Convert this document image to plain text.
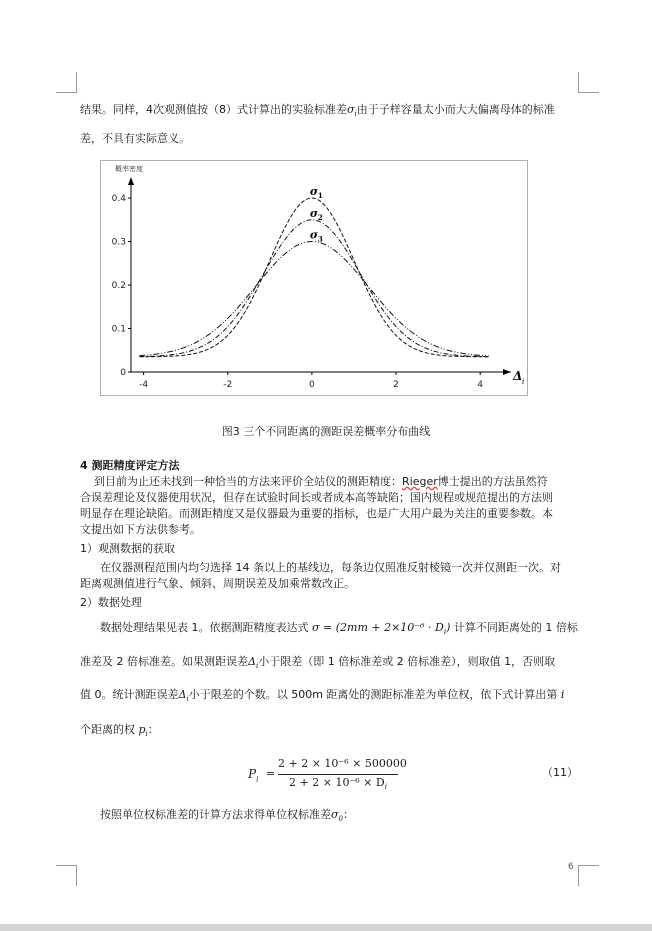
结果。同样，4次观测值按（8）式计算出的实验标准差$\sigma_i$由于子样容量太小而大大偏离母体的标准
差，不具有实际意义。
0
0.1
0.2
0.3
0.4
-4	-2	0	2	4
概率密度
Δ i
σ 1
σ 2
σ 3
图3 三个不同距离的测距误差概率分布曲线
4 测距精度评定方法
到目前为止还未找到一种恰当的方法来评价全站仪的测距精度：Rieger博士提出的方法虽然符
合误差理论及仪器使用状况，但存在试验时间长或者成本高等缺陷；国内规程或规范提出的方法则
明显存在理论缺陷。而测距精度又是仪器最为重要的指标，也是广大用户最为关注的重要参数。本
文提出如下方法供参考。
1）观测数据的获取
在仪器测程范围内均匀选择 14 条以上的基线边，每条边仅照准反射棱镜一次并仅测距一次。对
距离观测值进行气象、倾斜、周期误差及加乘常数改正。
2）数据处理
数据处理结果见表 1。依据测距精度表达式 $\sigma = (2mm + 2\times 10^{-6} \cdot D_i)$ 计算不同距离处的 1 倍标
准差及 2 倍标准差。如果测距误差$\Delta_i$小于限差（即 1 倍标准差或 2 倍标准差），则取值 1，否则取
值 0。统计测距误差$\Delta_i$小于限差的个数。以 500m 距离处的测距标准差为单位权，依下式计算出第 i
个距离的权 $p_i$：
$P_i$ =
2 + 2 × 10⁻⁶ × 500000
$2 + 2 \times 10^{-6} \times D_i$
（11）
按照单位权标准差的计算方法求得单位权标准差$\sigma_0$：
6
